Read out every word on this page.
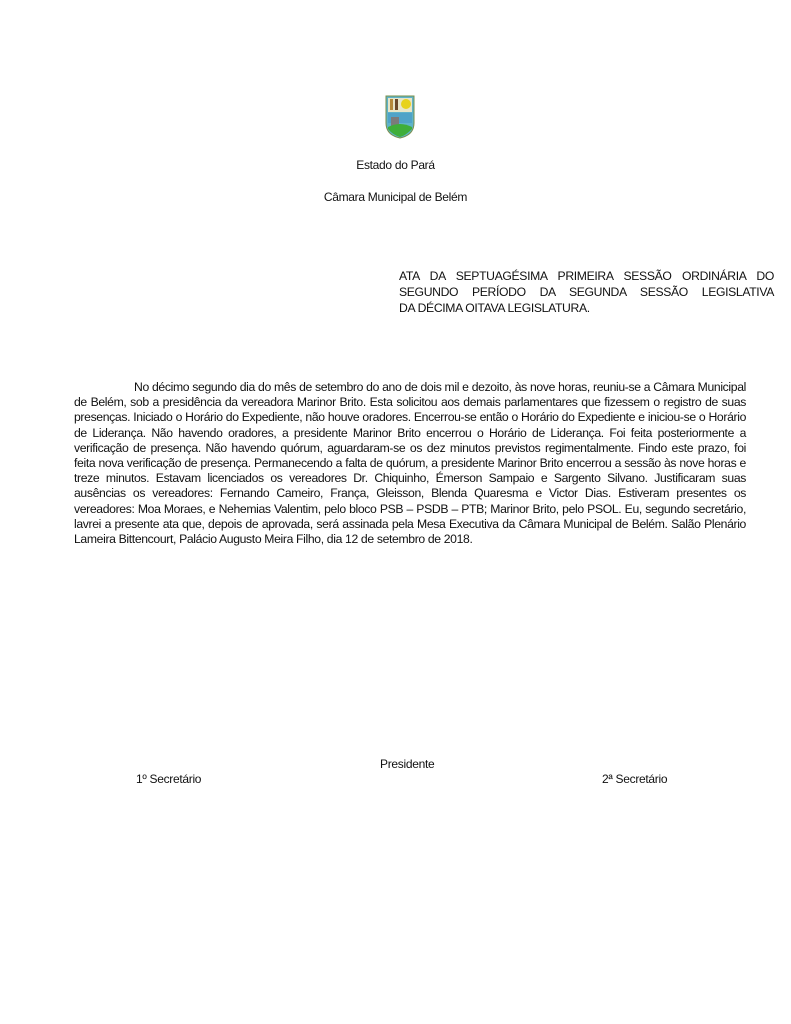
Estado do Pará
Câmara Municipal de Belém
ATA DA SEPTUAGÉSIMA PRIMEIRA SESSÃO ORDINÁRIA DO
SEGUNDO PERÍODO DA SEGUNDA SESSÃO LEGISLATIVA
DA DÉCIMA OITAVA LEGISLATURA.

No décimo segundo dia do mês de setembro do ano de dois mil e dezoito, às nove horas, reuniu-se a Câmara Municipal de Belém, sob a presidência da vereadora Marinor Brito. Esta solicitou aos demais parlamentares que fizessem o registro de suas presenças. Iniciado o Horário do Expediente, não houve oradores. Encerrou-se então o Horário do Expediente e iniciou-se o Horário de Liderança. Não havendo oradores, a presidente Marinor Brito encerrou o Horário de Liderança. Foi feita posteriormente a verificação de presença. Não havendo quórum, aguardaram-se os dez minutos previstos regimentalmente. Findo este prazo, foi feita nova verificação de presença. Permanecendo a falta de quórum, a presidente Marinor Brito encerrou a sessão às nove horas e treze minutos. Estavam licenciados os vereadores Dr. Chiquinho, Émerson Sampaio e Sargento Silvano. Justificaram suas ausências os vereadores: Fernando Cameiro, França, Gleisson, Blenda Quaresma e Victor Dias. Estiveram presentes os vereadores: Moa Moraes, e Nehemias Valentim, pelo bloco PSB – PSDB – PTB; Marinor Brito, pelo PSOL. Eu, segundo secretário, lavrei a presente ata que, depois de aprovada, será assinada pela Mesa Executiva da Câmara Municipal de Belém. Salão Plenário Lameira Bittencourt, Palácio Augusto Meira Filho, dia 12 de setembro de 2018.

Presidente
1º Secretário	2ª Secretário
